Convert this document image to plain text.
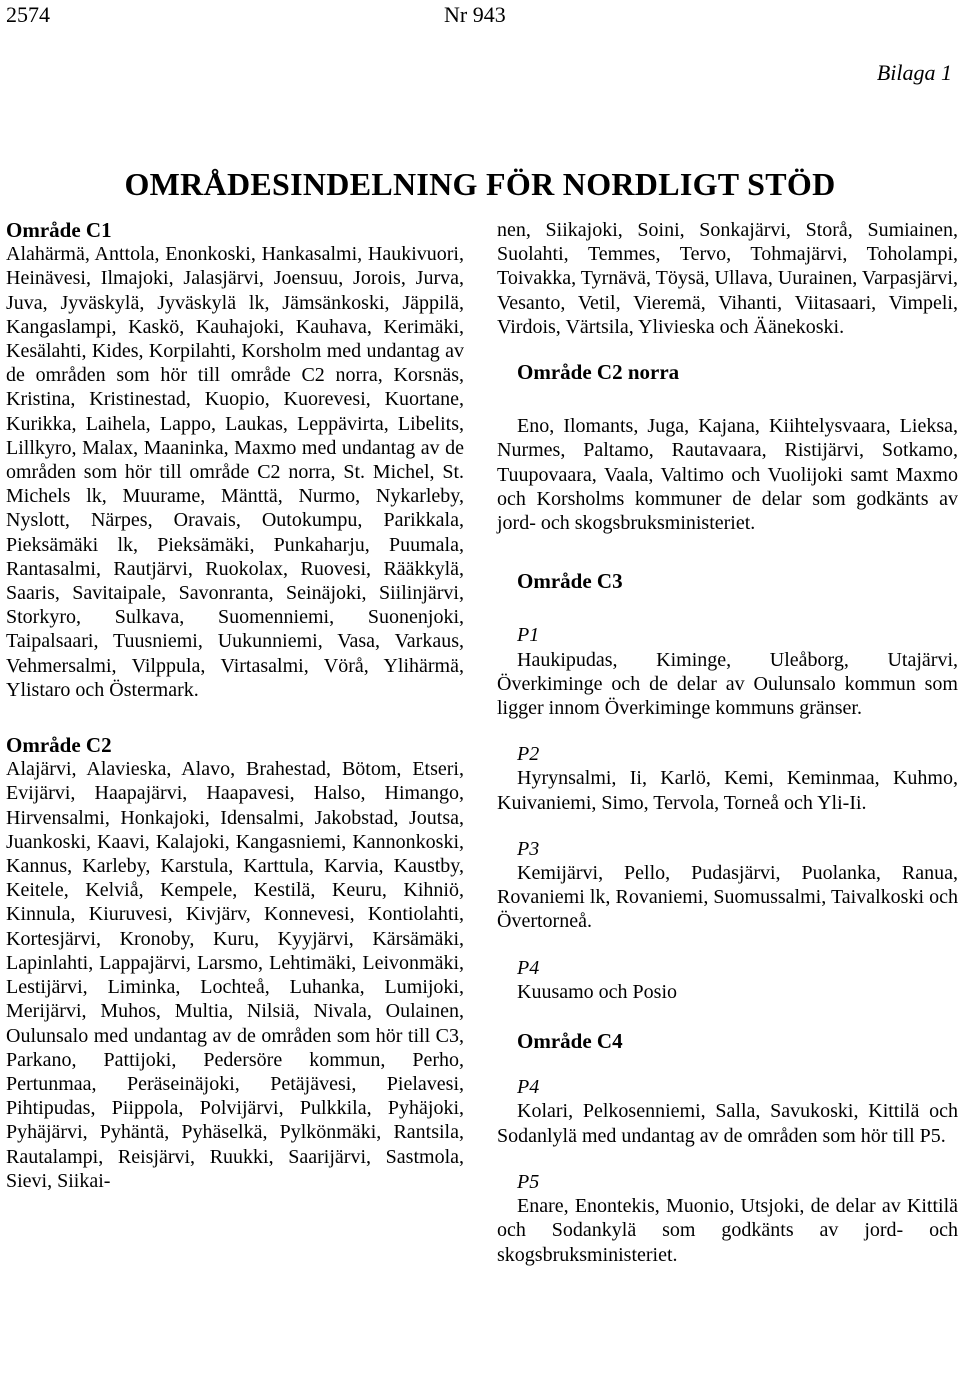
2574	Nr 943
Bilaga 1
OMRÅDESINDELNING FÖR NORDLIGT STÖD

Område C1

Alahärmä, Anttola, Enonkoski, Hankasalmi, Haukivuori, Heinävesi, Ilmajoki, Jalasjärvi, Joensuu, Jorois, Jurva, Juva, Jyväskylä, Jyväskylä lk, Jämsänkoski, Jäppilä, Kangaslampi, Kaskö, Kauhajoki, Kauhava, Kerimäki, Kesälahti, Kides, Korpilahti, Korsholm med undantag av de områden som hör till område C2 norra, Korsnäs, Kristina, Kristinestad, Kuopio, Kuorevesi, Kuortane, Kurikka, Laihela, Lappo, Laukas, Leppävirta, Libelits, Lillkyro, Malax, Maaninka, Maxmo med undantag av de områden som hör till område C2 norra, St. Michel, St. Michels lk, Muurame, Mänttä, Nurmo, Nykarleby, Nyslott, Närpes, Oravais, Outokumpu, Parikkala, Pieksämäki lk, Pieksämäki, Punkaharju, Puumala, Rantasalmi, Rautjärvi, Ruokolax, Ruovesi, Rääkkylä, Saaris, Savitaipale, Savonranta, Seinäjoki, Siilinjärvi, Storkyro, Sulkava, Suomenniemi, Suonenjoki, Taipalsaari, Tuusniemi, Uukunniemi, Vasa, Varkaus, Vehmersalmi, Vilppula, Virtasalmi, Vörå, Ylihärmä, Ylistaro och Östermark.

Område C2

Alajärvi, Alavieska, Alavo, Brahestad, Bötom, Etseri, Evijärvi, Haapajärvi, Haapavesi, Halso, Himango, Hirvensalmi, Honkajoki, Idensalmi, Jakobstad, Joutsa, Juankoski, Kaavi, Kalajoki, Kangasniemi, Kannonkoski, Kannus, Karleby, Karstula, Karttula, Karvia, Kaustby, Keitele, Kelviå, Kempele, Kestilä, Keuru, Kihniö, Kinnula, Kiuruvesi, Kivjärv, Konnevesi, Kontiolahti, Kortesjärvi, Kronoby, Kuru, Kyyjärvi, Kärsämäki, Lapinlahti, Lappajärvi, Larsmo, Lehtimäki, Leivonmäki, Lestijärvi, Liminka, Lochteå, Luhanka, Lumijoki, Merijärvi, Muhos, Multia, Nilsiä, Nivala, Oulainen, Oulunsalo med undantag av de områden som hör till C3, Parkano, Pattijoki, Pedersöre kommun, Perho, Pertunmaa, Peräseinäjoki, Petäjävesi, Pielavesi, Pihtipudas, Piippola, Polvijärvi, Pulkkila, Pyhäjoki, Pyhäjärvi, Pyhäntä, Pyhäselkä, Pylkönmäki, Rantsila, Rautalampi, Reisjärvi, Ruukki, Saarijärvi, Sastmola, Sievi, Siikai-

nen, Siikajoki, Soini, Sonkajärvi, Storå, Sumiainen, Suolahti, Temmes, Tervo, Tohmajärvi, Toholampi, Toivakka, Tyrnävä, Töysä, Ullava, Uurainen, Varpasjärvi, Vesanto, Vetil, Vieremä, Vihanti, Viitasaari, Vimpeli, Virdois, Värtsila, Ylivieska och Äänekoski.

Område C2 norra

Eno, Ilomants, Juga, Kajana, Kiihtelysvaara, Lieksa, Nurmes, Paltamo, Rautavaara, Ristijärvi, Sotkamo, Tuupovaara, Vaala, Valtimo och Vuolijoki samt Maxmo och Korsholms kommuner de delar som godkänts av jord- och skogsbruksministeriet.

Område C3

P1

Haukipudas, Kiminge, Uleåborg, Utajärvi, Överkiminge och de delar av Oulunsalo kommun som ligger innom Överkiminge kommuns gränser.

P2

Hyrynsalmi, Ii, Karlö, Kemi, Keminmaa, Kuhmo, Kuivaniemi, Simo, Tervola, Torneå och Yli-Ii.

P3

Kemijärvi, Pello, Pudasjärvi, Puolanka, Ranua, Rovaniemi lk, Rovaniemi, Suomussalmi, Taivalkoski och Övertorneå.

P4

Kuusamo och Posio

Område C4

P4

Kolari, Pelkosenniemi, Salla, Savukoski, Kittilä och Sodanlylä med undantag av de områden som hör till P5.

P5

Enare, Enontekis, Muonio, Utsjoki, de delar av Kittilä och Sodankylä som godkänts av jord- och skogsbruksministeriet.
